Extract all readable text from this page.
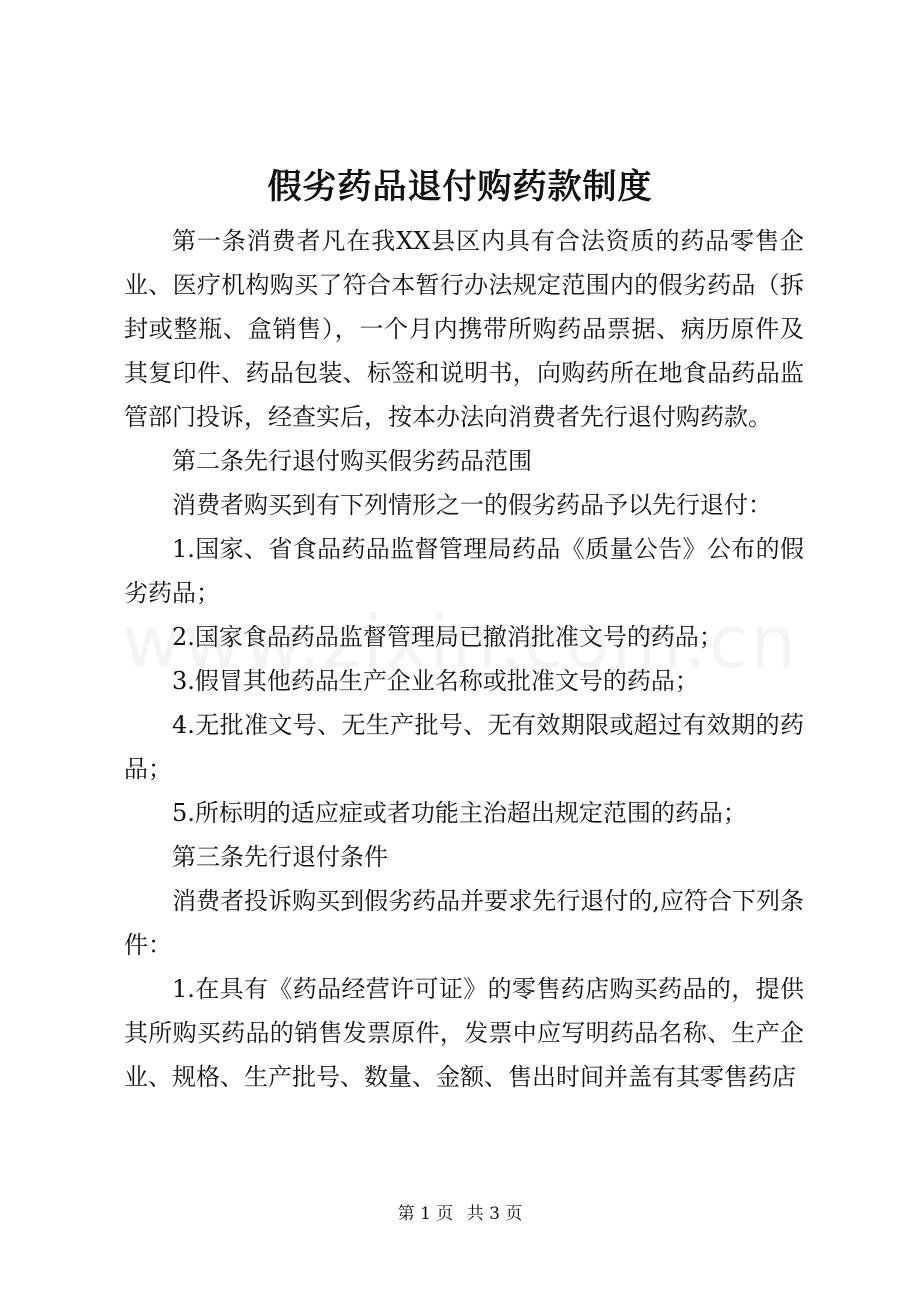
假劣药品退付购药款制度

第一条消费者凡在我XX县区内具有合法资质的药品零售企业、医疗机构购买了符合本暂行办法规定范围内的假劣药品（拆封或整瓶、盒销售），一个月内携带所购药品票据、病历原件及其复印件、药品包装、标签和说明书，向购药所在地食品药品监管部门投诉，经查实后，按本办法向消费者先行退付购药款。

第二条先行退付购买假劣药品范围

消费者购买到有下列情形之一的假劣药品予以先行退付：

1.国家、省食品药品监督管理局药品《质量公告》公布的假劣药品；

2.国家食品药品监督管理局已撤消批准文号的药品；

3.假冒其他药品生产企业名称或批准文号的药品；

4.无批准文号、无生产批号、无有效期限或超过有效期的药品；

5.所标明的适应症或者功能主治超出规定范围的药品；

第三条先行退付条件

消费者投诉购买到假劣药品并要求先行退付的,应符合下列条件：

1.在具有《药品经营许可证》的零售药店购买药品的，提供其所购买药品的销售发票原件，发票中应写明药品名称、生产企业、规格、生产批号、数量、金额、售出时间并盖有其零售药店

第 1 页 共 3 页
